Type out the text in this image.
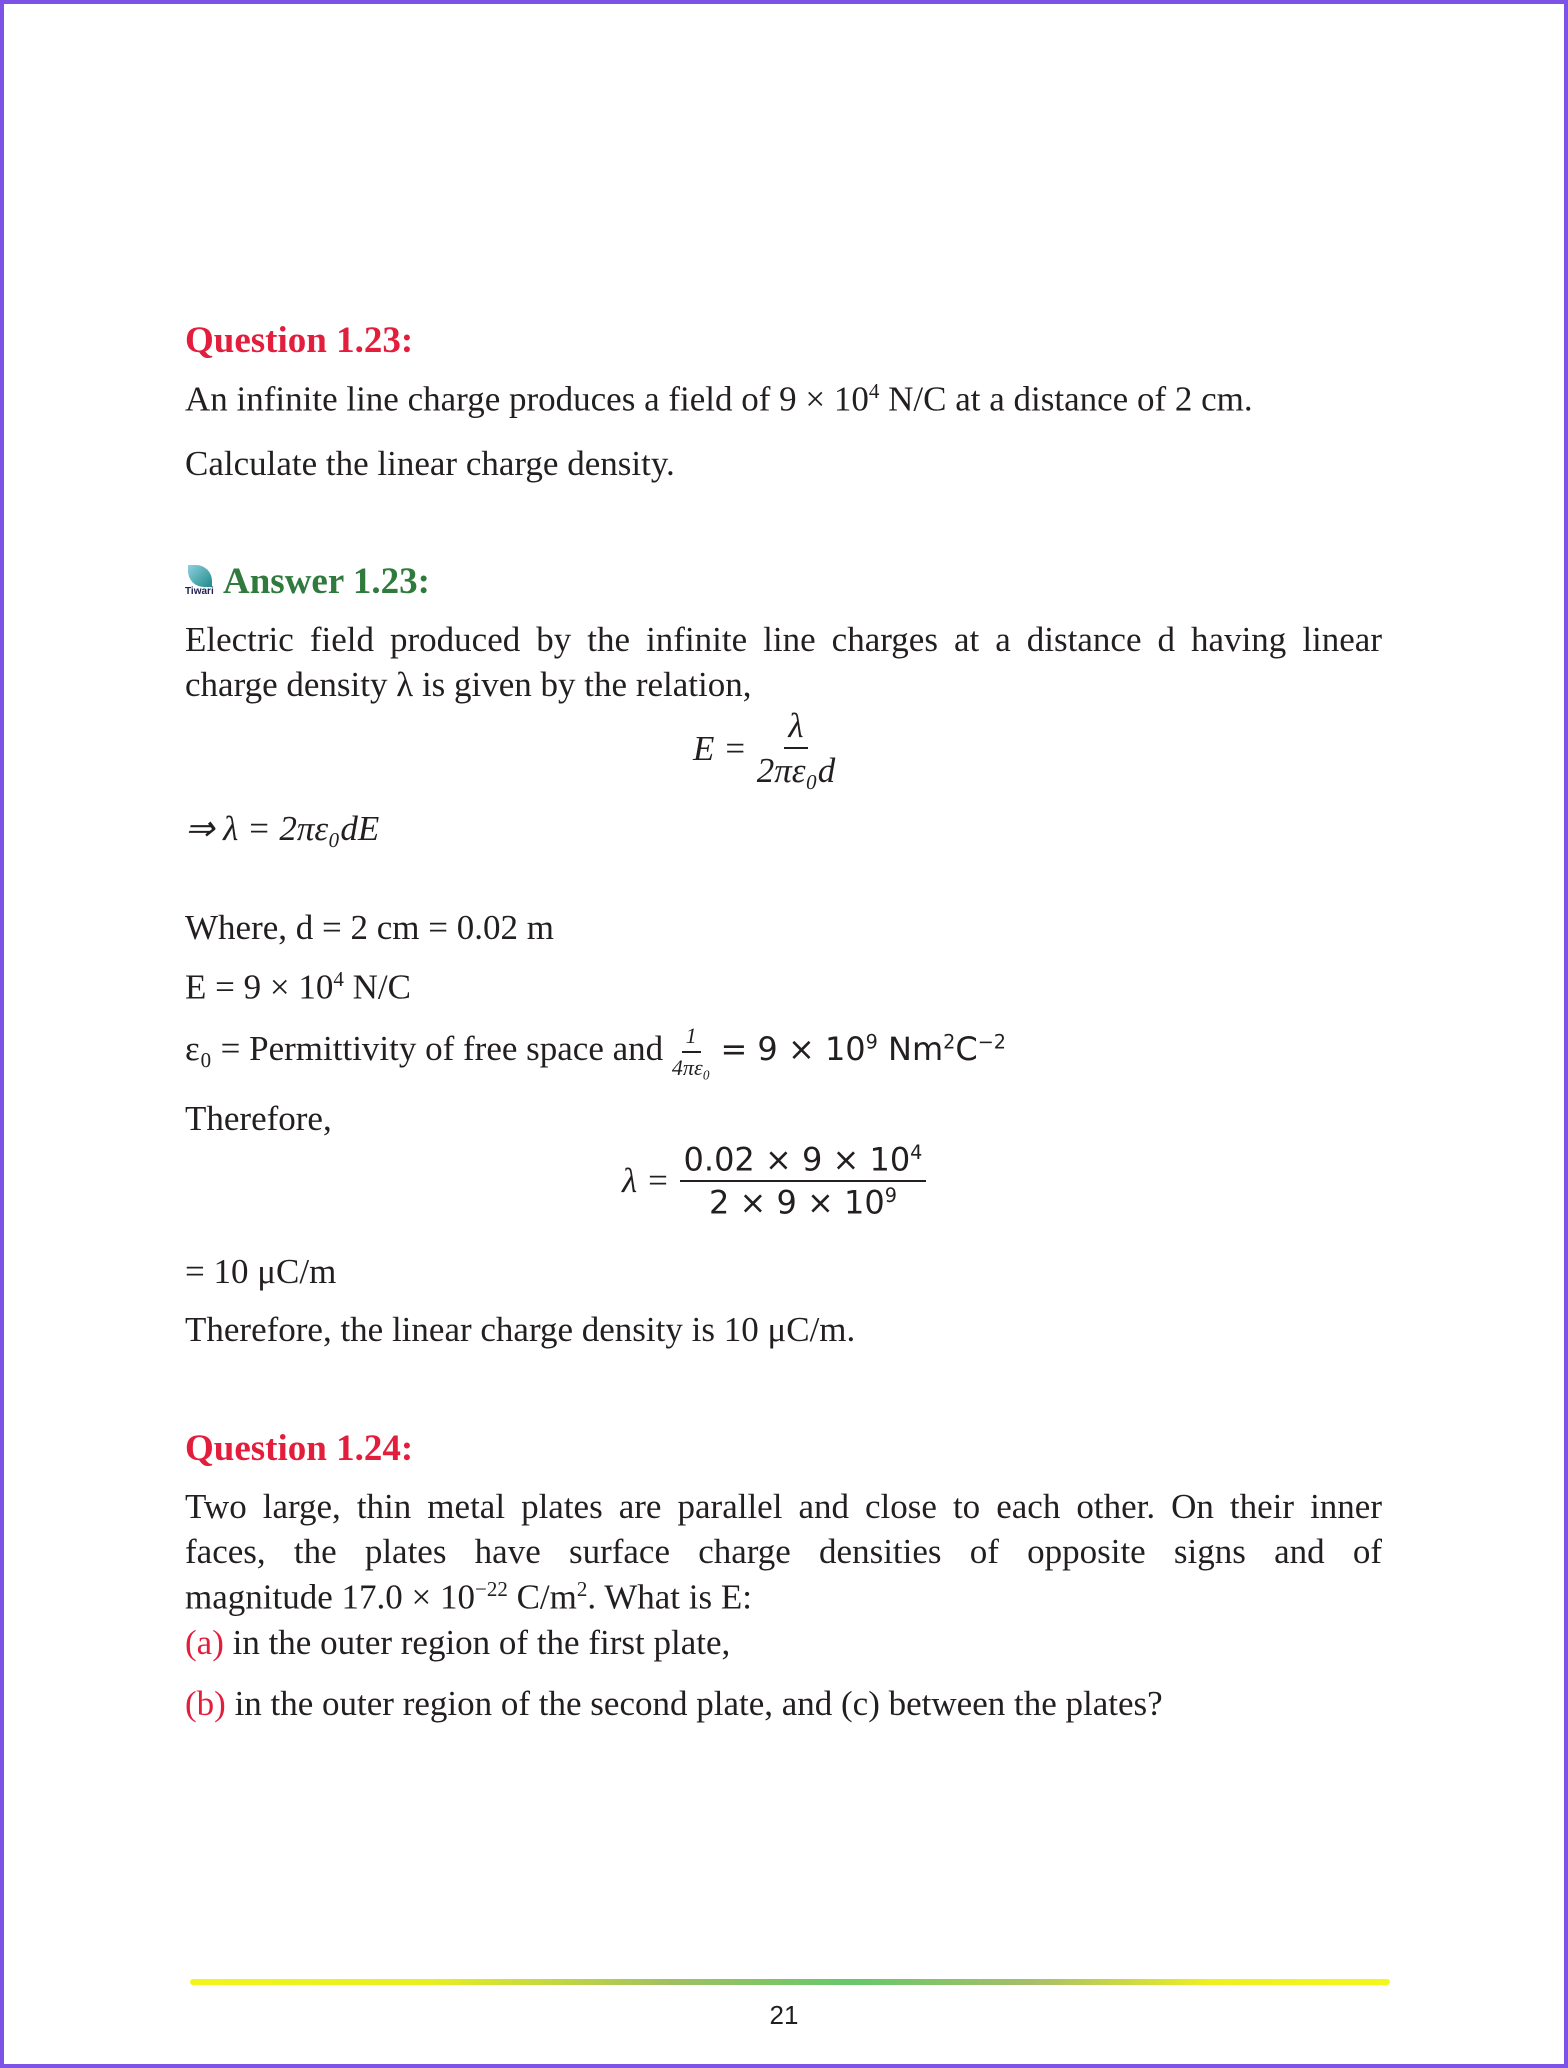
Question 1.23:
An infinite line charge produces a field of $9 \times 10^4$ N/C at a distance of 2 cm.
Calculate the linear charge density.
Tiwari Answer 1.23:
Electric field produced by the infinite line charges at a distance d having linear
charge density λ is given by the relation,
$E = \frac{\lambda}{\text{2πε₀d}}$
⇒ λ = 2πε₀dE
Where, d = 2 cm = 0.02 m
$E = 9 \times 10^4$ N/C
ε₀ = Permittivity of free space and $\frac{1}{\text{4πε₀}} = 9 \times 10^9$ $Nm^2C^{-2}$
Therefore,
$\lambda = \frac{0.02 \times 9 \times 10^4}{2 \times 9 \times 10^9}$
= 10 μC/m
Therefore, the linear charge density is 10 μC/m.
Question 1.24:
Two large, thin metal plates are parallel and close to each other. On their inner
faces, the plates have surface charge densities of opposite signs and of
magnitude $17.0 \times 10^{-22}$ $C/m^2$. What is E:
(a) in the outer region of the first plate,
(b) in the outer region of the second plate, and (c) between the plates?
21
